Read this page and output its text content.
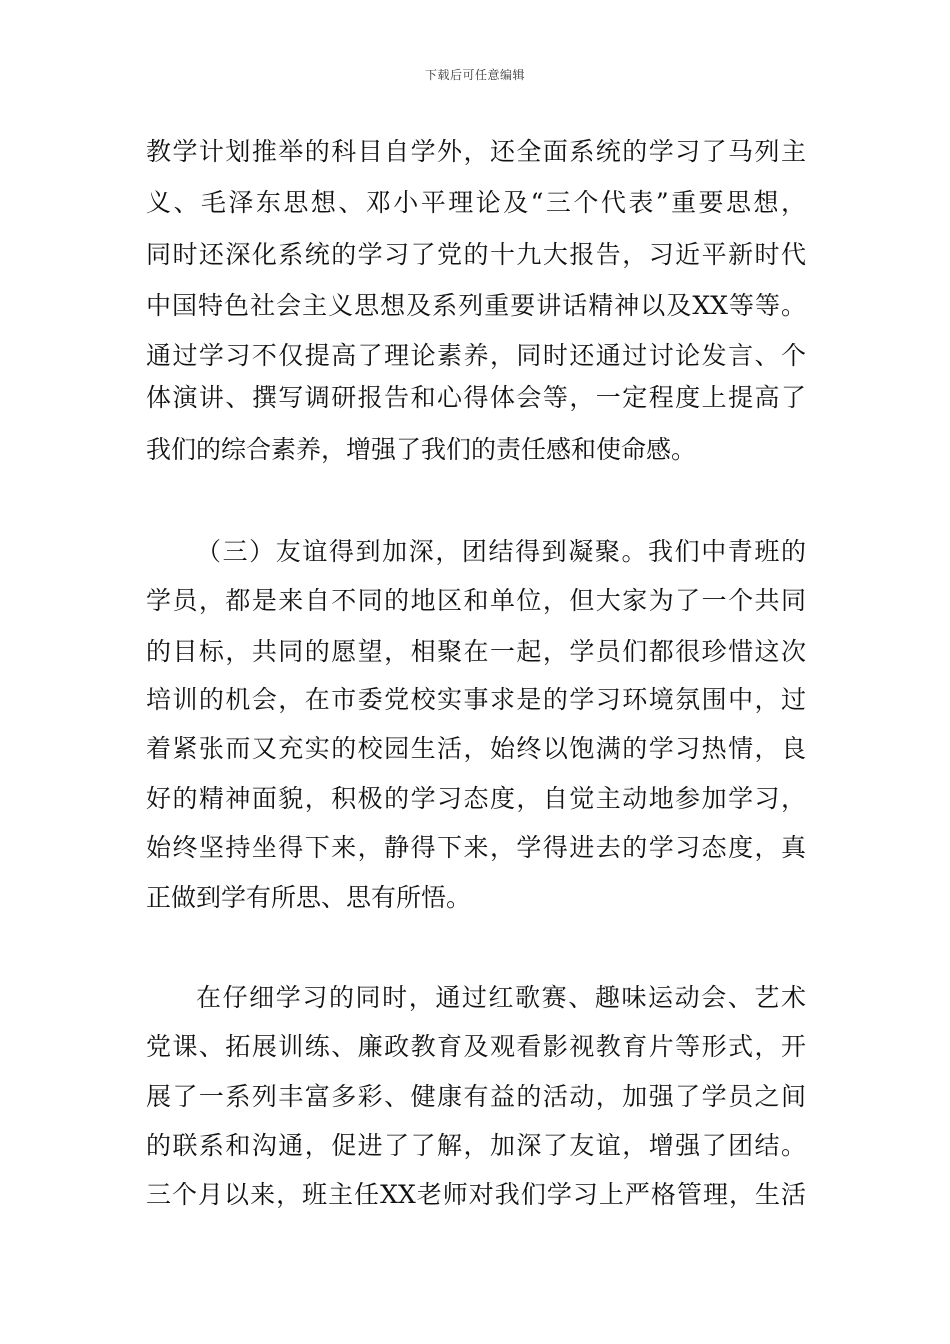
下载后可任意编辑
教学计划推举的科目自学外，还全面系统的学习了马列主
义、毛泽东思想、邓小平理论及“三个代表”重要思想，
同时还深化系统的学习了党的十九大报告，习近平新时代
中国特色社会主义思想及系列重要讲话精神以及XX等等。
通过学习不仅提高了理论素养，同时还通过讨论发言、个
体演讲、撰写调研报告和心得体会等，一定程度上提高了
我们的综合素养，增强了我们的责任感和使命感。
（三）友谊得到加深，团结得到凝聚。我们中青班的
学员，都是来自不同的地区和单位，但大家为了一个共同
的目标，共同的愿望，相聚在一起，学员们都很珍惜这次
培训的机会，在市委党校实事求是的学习环境氛围中，过
着紧张而又充实的校园生活，始终以饱满的学习热情，良
好的精神面貌，积极的学习态度，自觉主动地参加学习，
始终坚持坐得下来，静得下来，学得进去的学习态度，真
正做到学有所思、思有所悟。
在仔细学习的同时，通过红歌赛、趣味运动会、艺术
党课、拓展训练、廉政教育及观看影视教育片等形式，开
展了一系列丰富多彩、健康有益的活动，加强了学员之间
的联系和沟通，促进了了解，加深了友谊，增强了团结。
三个月以来，班主任XX老师对我们学习上严格管理，生活
